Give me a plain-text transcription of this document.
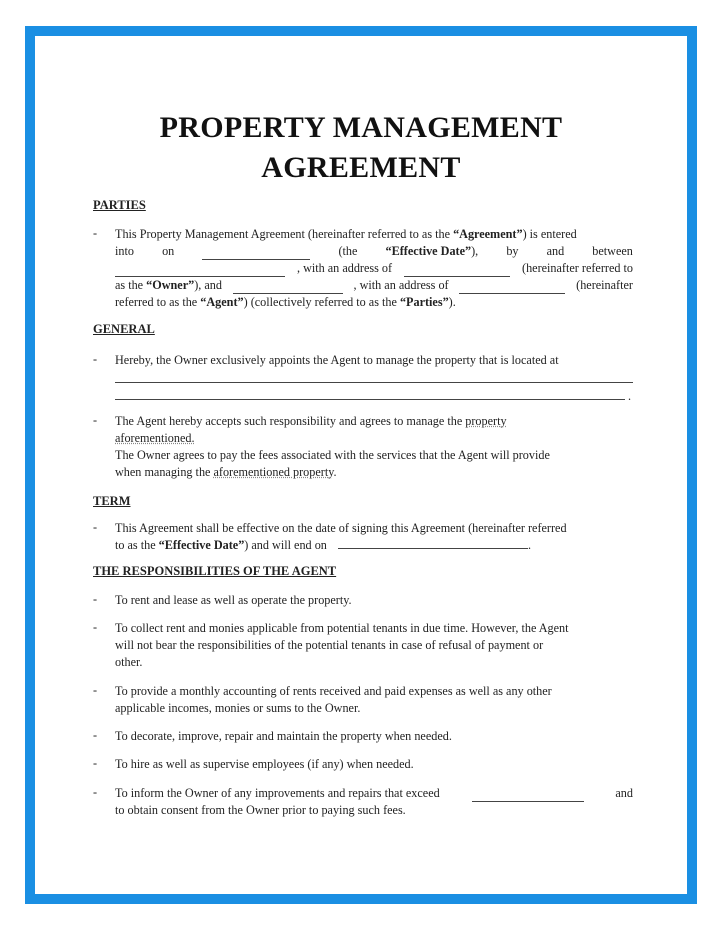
PROPERTY MANAGEMENT
AGREEMENT
PARTIES
- This Property Management Agreement (hereinafter referred to as the “Agreement”) is entered
into on	(the “Effective Date”), by and between
, with an address of	(hereinafter referred to
as the “Owner”), and	, with an address of	(hereinafter
referred to as the “Agent”) (collectively referred to as the “Parties”).
GENERAL
- Hereby, the Owner exclusively appoints the Agent to manage the property that is located at
.
- The Agent hereby accepts such responsibility and agrees to manage the property
aforementioned.
The Owner agrees to pay the fees associated with the services that the Agent will provide
when managing the aforementioned property.
TERM
- This Agreement shall be effective on the date of signing this Agreement (hereinafter referred
to as the “Effective Date”) and will end on	.
THE RESPONSIBILITIES OF THE AGENT
- To rent and lease as well as operate the property.
- To collect rent and monies applicable from potential tenants in due time. However, the Agent
will not bear the responsibilities of the potential tenants in case of refusal of payment or
other.
- To provide a monthly accounting of rents received and paid expenses as well as any other
applicable incomes, monies or sums to the Owner.
- To decorate, improve, repair and maintain the property when needed.
- To hire as well as supervise employees (if any) when needed.
- To inform the Owner of any improvements and repairs that exceed	and
to obtain consent from the Owner prior to paying such fees.
